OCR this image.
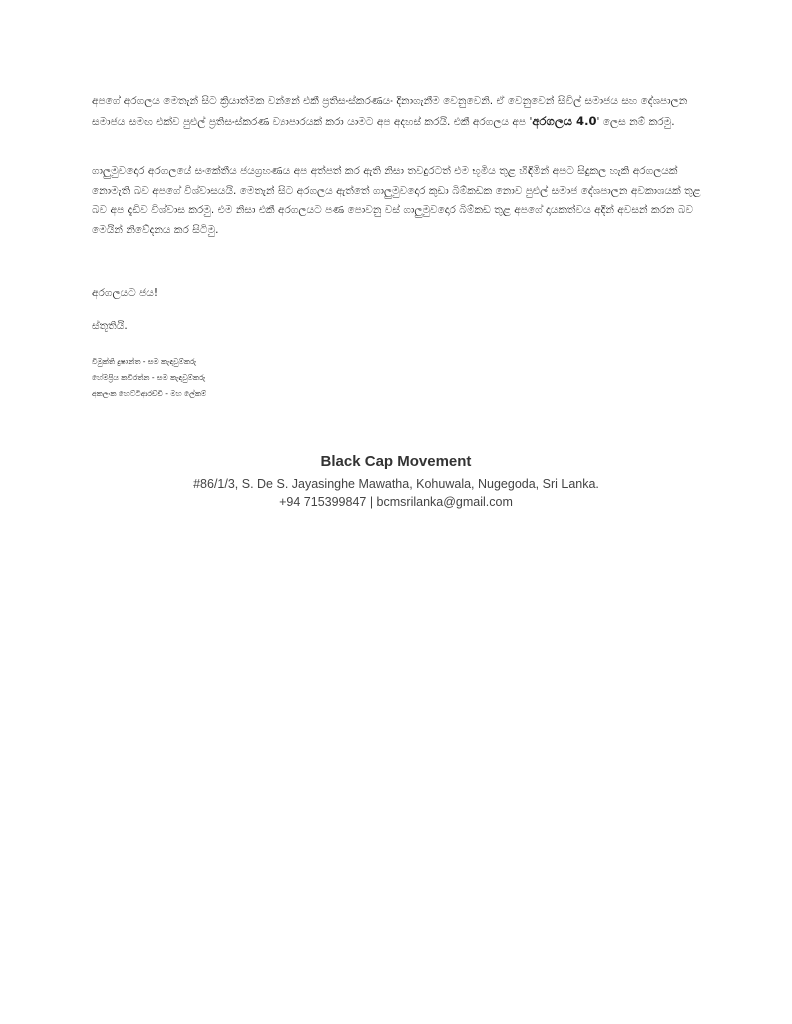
අපගේ අරගලය මෙතැන් සිට ක්‍රියාත්මක වන්නේ එකී ප්‍රතිසංස්කරණයං දිනාගැනීම වෙනුවෙනි. ඒ වෙනුවෙන් සිවිල් සමාජය සහ දේශපාලන සමාජය සමඟ එක්ව පුළුල් ප්‍රතිසංස්කරණ ව්‍යාපාරයක් කරා යාමට අප අදහස් කරයි. එකී අරගලය අප 'අරගලය 4.0' ලෙස නම් කරමු.

ගාලුමුවදොර අරගලයේ සංකේතීය ජයග්‍රහණය අප අත්පත් කර ඇති නිසා තවදුරටත් එම භූමිය තුළ හිඳිමින් අපට සිදුකල හැකි අරගලයක් නොමැති බව අපගේ විශ්වාසයයි. මෙතැන් සිට අරගලය ඇත්තේ ගාලුමුවදොර කුඩා බිම්කඩක නොව පුළුල් සමාජ දේශපාලන අවකාශයක් තුළ බව අප දැඩිව විශ්වාස කරමු. එම නිසා එකී අරගලයට පණ පොවනු වස් ගාලුමුවදොර බිම්කඩ තුළ අපගේ දායකත්වය අදින් අවසන් කරන බව මෙයින් නිවේදනය කර සිටිමු.

අරගලයට ජය!

ස්තූතියි.

විමුක්ති දුෂාන්ත - සම කැඳවුම්කරු
හේමප්‍රිය කවිරත්න - සම කැඳවුම්කරු
අකලංක හෙට්ටිආරච්චි - මහ ලේකම්
Black Cap Movement
#86/1/3, S. De S. Jayasinghe Mawatha, Kohuwala, Nugegoda, Sri Lanka.
+94 715399847 | bcmsrilanka@gmail.com
